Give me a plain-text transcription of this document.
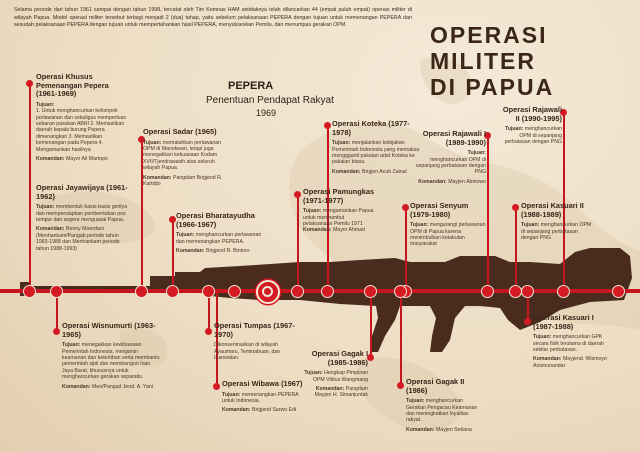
Selama periode dari tahun 1961 sampai dengan tahun 1998, tercatat oleh Tim Komnas HAM setidaknya telah dilancarkan 44 (empat puluh empat) operasi militer di wilayah Papua. Model operasi militer tersebut terbagi menjadi 2 (dua) tahap, yaitu sebelum pelaksanaan PEPERA dengan tujuan untuk memenangan PEPERA dan sesudah pelaksanaan PEPERA dengan tujuan untuk mempertahankan hasil PEPERA, menyukseskan Pemilu, dan menumpas gerakan OPM.	OPERASI MILITER
DI PAPUA
PEPERA
Penentuan Pendapat Rakyat
1969
Operasi Khusus Pemenangan Pepera (1961-1969)
Tujuan:
1. Untuk menghancurkan kelompok perlawanan dan sekaligus memperluas sebaran pasukan ABRI 2. Memastikan daerah kepala burung Pepera dimenangkan 3. Memastikan kemenangan pada Pepera 4. Mengamankan hasilnya
Komandan: Mayor Ali Martopo
Operasi Jayawijaya (1961-1962)
Tujuan: membentuk basis-basis gerilya dan mempersiapkan pembentukan pos tempur dan segera menguasai Papua.
Komandan: Benny Moerdani (Menhankam/Pangab periode tahun 1983-1988 dan Menhankam periode tahun 1988-1993)
Operasi Sadar (1965)
Tujuan: mematahkan perlawanan OPM di Manokwari, tetapi juga menegakkan kekuasaan Kodam XVII/Tjendrawasih atas seluruh wilayah Papua.
Komandan: Pangdam Brigjend R. Kartidjo
Operasi Bharatayudha (1966-1967)
Tujuan: menghancurkan perlawanan dan memenangkan PEPERA.
Komandan: Brigjend R. Bintoro
Operasi Koteka (1977-1978)
Tujuan: menjalankan kebijakan Pemerintah Indonesia yang memaksa menggganti pakaian adat Koteka ke pakaian biasa.
Komandan: Brigjen Acub Zainal
Operasi Pamungkas (1971-1977)
Tujuan: mengamankan Papua untuk menyambut pelaksanaan Pemilu 1971
Komandan: Mayor Ahmad
Operasi Senyum (1979-1980)
Tujuan: mengurangi perlawanan OPM di Papua karena menimbulkan ketakutan masyarakat
Operasi Rajawali I (1989-1990)
Tujuan:
menghancurkan OPM di sepanjang perbatasan dengan PNG
Komandan: Mayjen Abinowo
Operasi Rajawali II (1990-1995)
Tujuan: menghancurkan OPM di sepanjang perbatasan dengan PNG
Operasi Kasuari II (1988-1989)
Tujuan: menghancurkan OPM di sepanjang perbatasan dengan PNG
Operasi Wisnumurti (1963-1965)
Tujuan: menegakkan kewibawaan Pemerintah Indonesia, menjamin keamanan dan ketertiban serta membantu pemerintah sipil dan membangun Irian Jaya Barat, khususnya untuk menghancurkan gerakan separatis.
Komandan: Men/Pangad Jend. A. Yani
Operasi Tumpas (1967-1970)
Dikonsentrasikan di wilayah Ayaumaru, Teminabuan, dan Inanwatan.
Operasi Wibawa (1967)
Tujuan: memenangkan PEPERA untuk Indonesia.
Komandan: Brigjend Sarwo Edi
Operasi Gagak I (1985-1986)
Tujuan: Hengkap Pimpinan OPM Viktus Wangmang
Komandan: Pangdam Mayjen H. Simanjuntak
Operasi Gagak II (1986)
Tujuan: menghancurkan Gerakan Pengacau Keamanan dan meningkatkan loyalitas rakyat.
Komandan: Mayjen Setiana
Operasi Kasuari I (1987-1988)
Tujuan: menghancurkan GPK secara fisik terutama di daerah sekitar perbatasan.
Komandan: Mayjend. Wismoyo Arismunandar
